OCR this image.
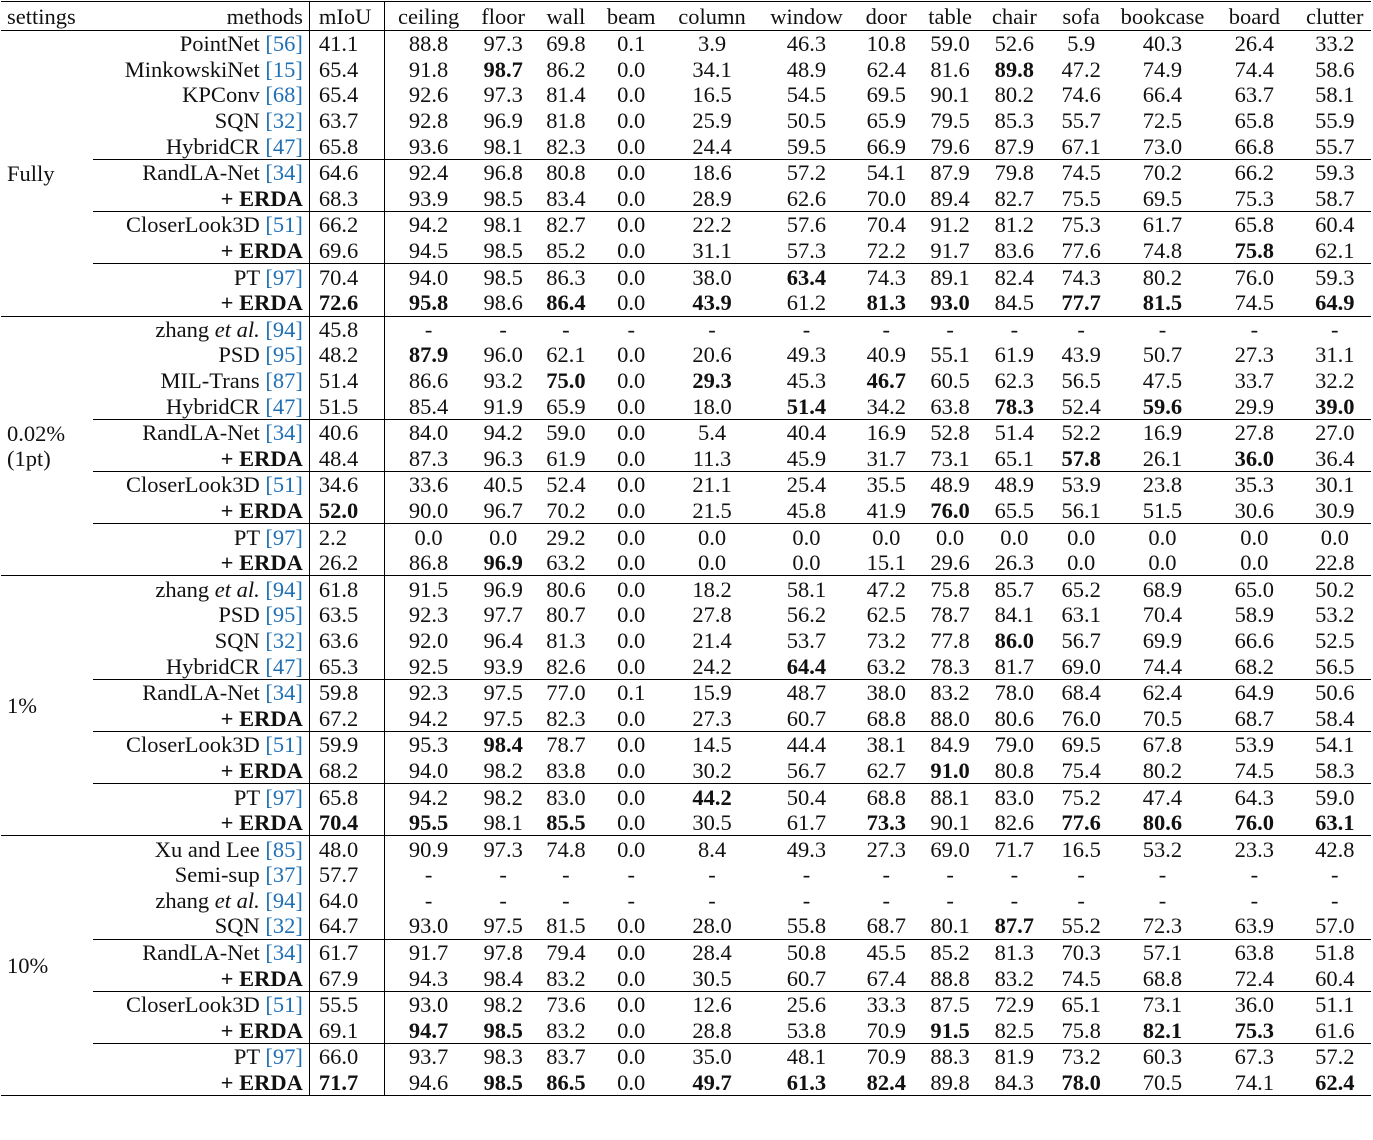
settings	methods	mIoU	ceiling	floor	wall	beam	column	window	door	table	chair	sofa	bookcase	board	clutter

Fully	PointNet [56]	41.1	88.8	97.3	69.8	0.1	3.9	46.3	10.8	59.0	52.6	5.9	40.3	26.4	33.2
	MinkowskiNet [15]	65.4	91.8	98.7	86.2	0.0	34.1	48.9	62.4	81.6	89.8	47.2	74.9	74.4	58.6
	KPConv [68]	65.4	92.6	97.3	81.4	0.0	16.5	54.5	69.5	90.1	80.2	74.6	66.4	63.7	58.1
	SQN [32]	63.7	92.8	96.9	81.8	0.0	25.9	50.5	65.9	79.5	85.3	55.7	72.5	65.8	55.9
	HybridCR [47]	65.8	93.6	98.1	82.3	0.0	24.4	59.5	66.9	79.6	87.9	67.1	73.0	66.8	55.7
	RandLA-Net [34]	64.6	92.4	96.8	80.8	0.0	18.6	57.2	54.1	87.9	79.8	74.5	70.2	66.2	59.3
	+ ERDA	68.3	93.9	98.5	83.4	0.0	28.9	62.6	70.0	89.4	82.7	75.5	69.5	75.3	58.7
	CloserLook3D [51]	66.2	94.2	98.1	82.7	0.0	22.2	57.6	70.4	91.2	81.2	75.3	61.7	65.8	60.4
	+ ERDA	69.6	94.5	98.5	85.2	0.0	31.1	57.3	72.2	91.7	83.6	77.6	74.8	75.8	62.1
	PT [97]	70.4	94.0	98.5	86.3	0.0	38.0	63.4	74.3	89.1	82.4	74.3	80.2	76.0	59.3
	+ ERDA	72.6	95.8	98.6	86.4	0.0	43.9	61.2	81.3	93.0	84.5	77.7	81.5	74.5	64.9

0.02%
(1pt)	zhang et al. [94]	45.8	-	-	-	-	-	-	-	-	-	-	-	-	-
	PSD [95]	48.2	87.9	96.0	62.1	0.0	20.6	49.3	40.9	55.1	61.9	43.9	50.7	27.3	31.1
	MIL-Trans [87]	51.4	86.6	93.2	75.0	0.0	29.3	45.3	46.7	60.5	62.3	56.5	47.5	33.7	32.2
	HybridCR [47]	51.5	85.4	91.9	65.9	0.0	18.0	51.4	34.2	63.8	78.3	52.4	59.6	29.9	39.0
	RandLA-Net [34]	40.6	84.0	94.2	59.0	0.0	5.4	40.4	16.9	52.8	51.4	52.2	16.9	27.8	27.0
	+ ERDA	48.4	87.3	96.3	61.9	0.0	11.3	45.9	31.7	73.1	65.1	57.8	26.1	36.0	36.4
	CloserLook3D [51]	34.6	33.6	40.5	52.4	0.0	21.1	25.4	35.5	48.9	48.9	53.9	23.8	35.3	30.1
	+ ERDA	52.0	90.0	96.7	70.2	0.0	21.5	45.8	41.9	76.0	65.5	56.1	51.5	30.6	30.9
	PT [97]	2.2	0.0	0.0	29.2	0.0	0.0	0.0	0.0	0.0	0.0	0.0	0.0	0.0	0.0
	+ ERDA	26.2	86.8	96.9	63.2	0.0	0.0	0.0	15.1	29.6	26.3	0.0	0.0	0.0	22.8

1%	zhang et al. [94]	61.8	91.5	96.9	80.6	0.0	18.2	58.1	47.2	75.8	85.7	65.2	68.9	65.0	50.2
	PSD [95]	63.5	92.3	97.7	80.7	0.0	27.8	56.2	62.5	78.7	84.1	63.1	70.4	58.9	53.2
	SQN [32]	63.6	92.0	96.4	81.3	0.0	21.4	53.7	73.2	77.8	86.0	56.7	69.9	66.6	52.5
	HybridCR [47]	65.3	92.5	93.9	82.6	0.0	24.2	64.4	63.2	78.3	81.7	69.0	74.4	68.2	56.5
	RandLA-Net [34]	59.8	92.3	97.5	77.0	0.1	15.9	48.7	38.0	83.2	78.0	68.4	62.4	64.9	50.6
	+ ERDA	67.2	94.2	97.5	82.3	0.0	27.3	60.7	68.8	88.0	80.6	76.0	70.5	68.7	58.4
	CloserLook3D [51]	59.9	95.3	98.4	78.7	0.0	14.5	44.4	38.1	84.9	79.0	69.5	67.8	53.9	54.1
	+ ERDA	68.2	94.0	98.2	83.8	0.0	30.2	56.7	62.7	91.0	80.8	75.4	80.2	74.5	58.3
	PT [97]	65.8	94.2	98.2	83.0	0.0	44.2	50.4	68.8	88.1	83.0	75.2	47.4	64.3	59.0
	+ ERDA	70.4	95.5	98.1	85.5	0.0	30.5	61.7	73.3	90.1	82.6	77.6	80.6	76.0	63.1

10%	Xu and Lee [85]	48.0	90.9	97.3	74.8	0.0	8.4	49.3	27.3	69.0	71.7	16.5	53.2	23.3	42.8
	Semi-sup [37]	57.7	-	-	-	-	-	-	-	-	-	-	-	-	-
	zhang et al. [94]	64.0	-	-	-	-	-	-	-	-	-	-	-	-	-
	SQN [32]	64.7	93.0	97.5	81.5	0.0	28.0	55.8	68.7	80.1	87.7	55.2	72.3	63.9	57.0
	RandLA-Net [34]	61.7	91.7	97.8	79.4	0.0	28.4	50.8	45.5	85.2	81.3	70.3	57.1	63.8	51.8
	+ ERDA	67.9	94.3	98.4	83.2	0.0	30.5	60.7	67.4	88.8	83.2	74.5	68.8	72.4	60.4
	CloserLook3D [51]	55.5	93.0	98.2	73.6	0.0	12.6	25.6	33.3	87.5	72.9	65.1	73.1	36.0	51.1
	+ ERDA	69.1	94.7	98.5	83.2	0.0	28.8	53.8	70.9	91.5	82.5	75.8	82.1	75.3	61.6
	PT [97]	66.0	93.7	98.3	83.7	0.0	35.0	48.1	70.9	88.3	81.9	73.2	60.3	67.3	57.2
	+ ERDA	71.7	94.6	98.5	86.5	0.0	49.7	61.3	82.4	89.8	84.3	78.0	70.5	74.1	62.4
